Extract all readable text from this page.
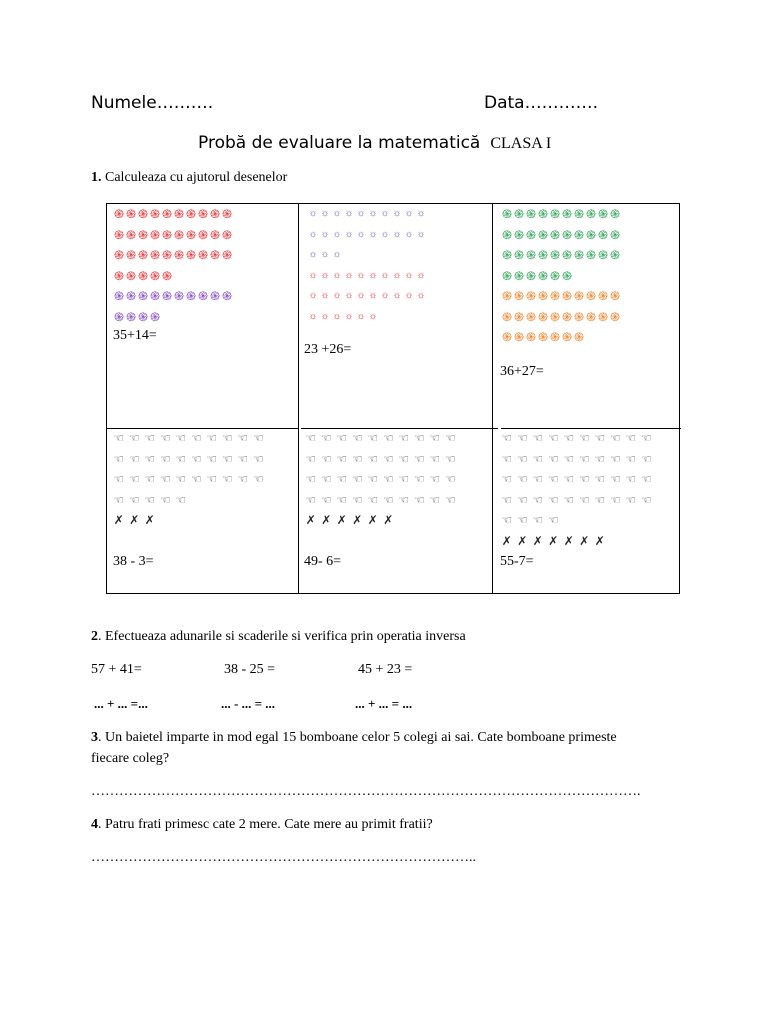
Numele……….	Data………….
Probă de evaluare la matematică CLASA I
1. Calculeaza cu ajutorul desenelor
֍ ֍ ֍ ֍ ֍ ֍ ֍ ֍ ֍ ֍
֍ ֍ ֍ ֍ ֍ ֍ ֍ ֍ ֍ ֍
֍ ֍ ֍ ֍ ֍ ֍ ֍ ֍ ֍ ֍
֍ ֍ ֍ ֍ ֍
֍ ֍ ֍ ֍ ֍ ֍ ֍ ֍ ֍ ֍
֍ ֍ ֍ ֍
☼ ☼ ☼ ☼ ☼ ☼ ☼ ☼ ☼ ☼
☼ ☼ ☼ ☼ ☼ ☼ ☼ ☼ ☼ ☼
☼ ☼ ☼
☼ ☼ ☼ ☼ ☼ ☼ ☼ ☼ ☼ ☼
☼ ☼ ☼ ☼ ☼ ☼ ☼ ☼ ☼ ☼
☼ ☼ ☼ ☼ ☼ ☼
֍ ֍ ֍ ֍ ֍ ֍ ֍ ֍ ֍ ֍
֍ ֍ ֍ ֍ ֍ ֍ ֍ ֍ ֍ ֍
֍ ֍ ֍ ֍ ֍ ֍ ֍ ֍ ֍ ֍
֍ ֍ ֍ ֍ ֍ ֍
֍ ֍ ֍ ֍ ֍ ֍ ֍ ֍ ֍ ֍
֍ ֍ ֍ ֍ ֍ ֍ ֍ ֍ ֍ ֍
֍ ֍ ֍ ֍ ֍ ֍ ֍
☜ ☜ ☜ ☜ ☜ ☜ ☜ ☜ ☜ ☜
☜ ☜ ☜ ☜ ☜ ☜ ☜ ☜ ☜ ☜
☜ ☜ ☜ ☜ ☜ ☜ ☜ ☜ ☜ ☜
☜ ☜ ☜ ☜ ☜
✗ ✗ ✗
☜ ☜ ☜ ☜ ☜ ☜ ☜ ☜ ☜ ☜
☜ ☜ ☜ ☜ ☜ ☜ ☜ ☜ ☜ ☜
☜ ☜ ☜ ☜ ☜ ☜ ☜ ☜ ☜ ☜
☜ ☜ ☜ ☜ ☜ ☜ ☜ ☜ ☜ ☜
✗ ✗ ✗ ✗ ✗ ✗
☜ ☜ ☜ ☜ ☜ ☜ ☜ ☜ ☜ ☜
☜ ☜ ☜ ☜ ☜ ☜ ☜ ☜ ☜ ☜
☜ ☜ ☜ ☜ ☜ ☜ ☜ ☜ ☜ ☜
☜ ☜ ☜ ☜ ☜ ☜ ☜ ☜ ☜ ☜
☜ ☜ ☜ ☜
✗ ✗ ✗ ✗ ✗ ✗ ✗
35+14=
23 +26=
36+27=
38 - 3=	49- 6=	55-7=
2. Efectueaza adunarile si scaderile si verifica prin operatia inversa
57 + 41=	38 - 25 =	45 + 23 =
... + ... =...	... - ... = ...	... + ... = ...
3. Un baietel imparte in mod egal 15 bomboane celor 5 colegi ai sai. Cate bomboane primeste
fiecare coleg?
……………………………………………………………………………………………………….
4. Patru frati primesc cate 2 mere. Cate mere au primit fratii?
………………………………………………………………………..
